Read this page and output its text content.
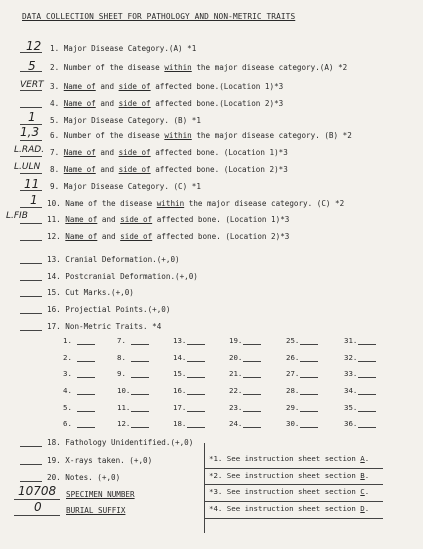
DATA COLLECTION SHEET FOR PATHOLOGY AND NON-METRIC TRAITS
12 1. Major Disease Category.(A) *1
5 2. Number of the disease within the major disease category.(A) *2
VERT 3. Name of and side of affected bone.(Location 1)*3
4. Name of and side of affected bone.(Location 2)*3
1 5. Major Disease Category. (B) *1
1,3 6. Number of the disease within the major disease category. (B) *2
L.RAD. 7. Name of and side of affected bone. (Location 1)*3
L.ULN 8. Name of and side of affected bone. (Location 2)*3
11 9. Major Disease Category. (C) *1
1 10. Name of the disease within the major disease category. (C) *2
L.FIB	11. Name of and side of affected bone. (Location 1)*3
12. Name of and side of affected bone. (Location 2)*3
13. Cranial Deformation.(+,0)
14. Postcranial Deformation.(+,0)
15. Cut Marks.(+,0)
16. Projectial Points.(+,0)
17. Non-Metric Traits. *4
1.
2.
3.
4.
5.
6.
7.
8.
9.
10.
11.
12.
13.
14.
15.
16.
17.
18.
19.
20.
21.
22.
23.
24.
25.
26.
27.
28.
29.
30.
31.
32.
33.
34.
35.
36.
18. Fathology Unidentified.(+,0)
19. X-rays taken. (+,0)
20. Notes. (+,0)
10708 SPECIMEN NUMBER
0	BURIAL SUFFIX
*1. See instruction sheet section A.
*2. See instruction sheet section B.
*3. See instruction sheet section C.
*4. See instruction sheet section D.
